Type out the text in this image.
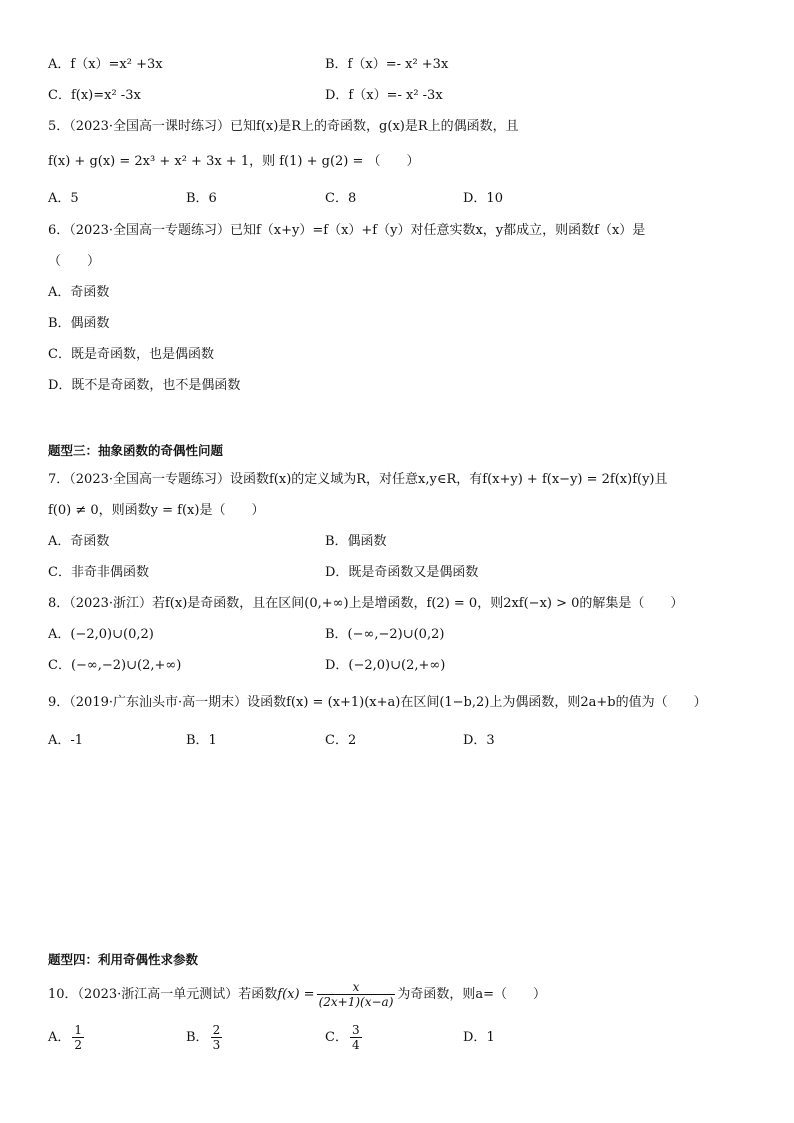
A．f（x）=x² +3x	B．f（x）=- x² +3x
C．f(x)=x² -3x	D．f（x）=- x² -3x
5．（2023·全国高一课时练习）已知f(x)是R上的奇函数，g(x)是R上的偶函数，且
f(x) + g(x) = 2x³ + x² + 3x + 1，则 f(1) + g(2) = （　　）
A．5	B．6	C．8	D．10
6．（2023·全国高一专题练习）已知f（x+y）=f（x）+f（y）对任意实数x，y都成立，则函数f（x）是
（　　）
A．奇函数
B．偶函数
C．既是奇函数，也是偶函数
D．既不是奇函数，也不是偶函数
题型三：抽象函数的奇偶性问题
7．（2023·全国高一专题练习）设函数f(x)的定义域为R，对任意x,y∈R，有f(x+y) + f(x−y) = 2f(x)f(y)且
f(0) ≠ 0，则函数y = f(x)是（　　）
A．奇函数	B．偶函数
C．非奇非偶函数	D．既是奇函数又是偶函数
8．（2023·浙江）若f(x)是奇函数，且在区间(0,+∞)上是增函数，f(2) = 0，则2xf(−x) > 0的解集是（　　）
A．(−2,0)∪(0,2)	B．(−∞,−2)∪(0,2)
C．(−∞,−2)∪(2,+∞)	D．(−2,0)∪(2,+∞)
9．（2019·广东汕头市·高一期末）设函数f(x) = (x+1)(x+a)在区间(1−b,2)上为偶函数，则2a+b的值为（　　）
A．-1	B．1	C．2	D．3
题型四：利用奇偶性求参数
10．（2023·浙江高一单元测试）若函数$f(x) = \frac{x}{(2x+1)(x-a)}$ 为奇函数，则a=（　　）
A． $\frac{1}{2}$	B． $\frac{2}{3}$	C． $\frac{3}{4}$	D．1
